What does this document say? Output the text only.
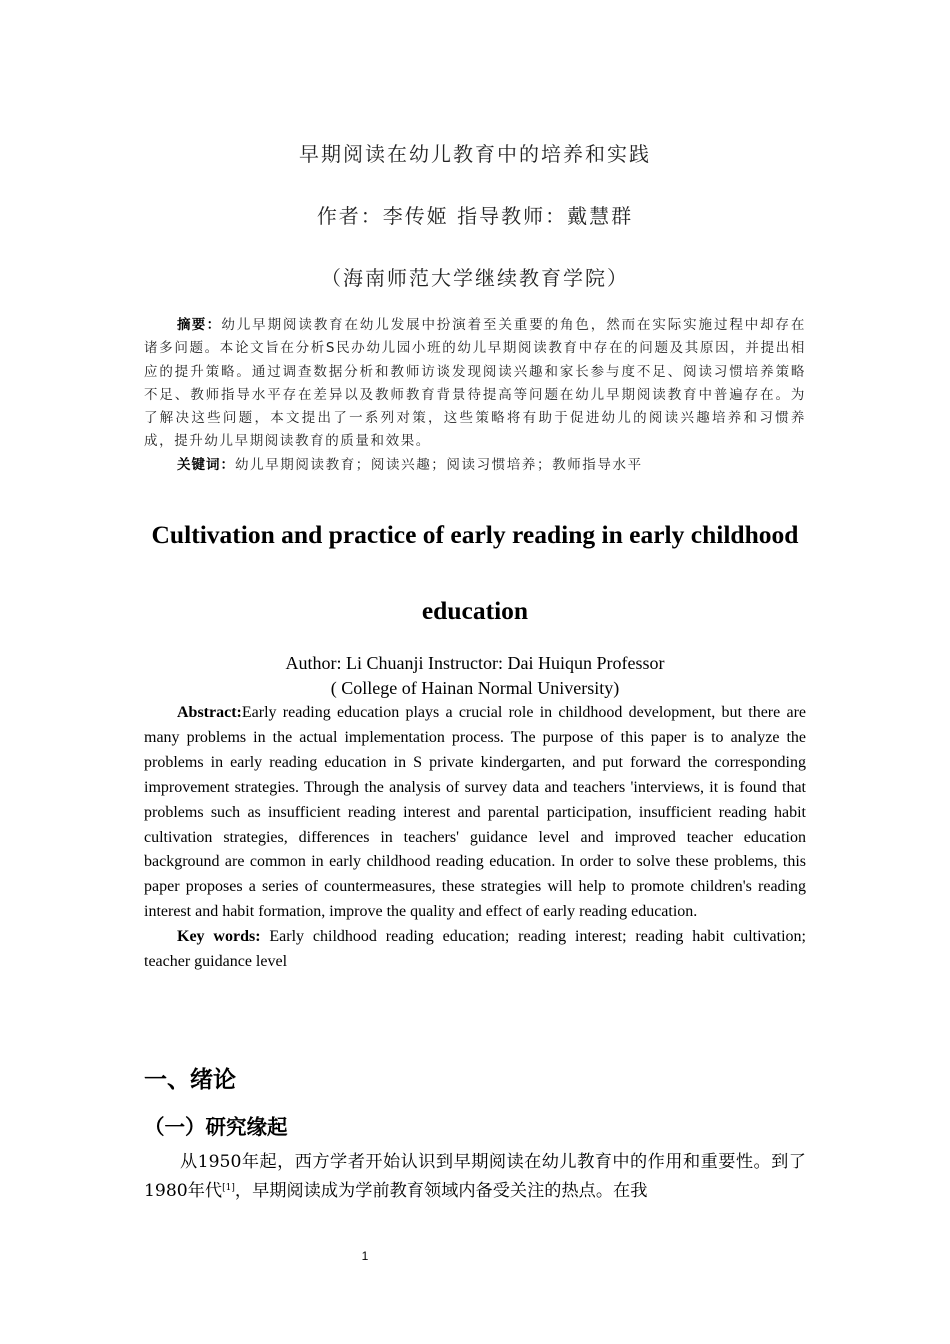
早期阅读在幼儿教育中的培养和实践
作者：李传姬 指导教师：戴慧群
（海南师范大学继续教育学院）

摘要：幼儿早期阅读教育在幼儿发展中扮演着至关重要的角色，然而在实际实施过程中却存在诸多问题。本论文旨在分析S民办幼儿园小班的幼儿早期阅读教育中存在的问题及其原因，并提出相应的提升策略。通过调查数据分析和教师访谈发现阅读兴趣和家长参与度不足、阅读习惯培养策略不足、教师指导水平存在差异以及教师教育背景待提高等问题在幼儿早期阅读教育中普遍存在。为了解决这些问题，本文提出了一系列对策，这些策略将有助于促进幼儿的阅读兴趣培养和习惯养成，提升幼儿早期阅读教育的质量和效果。

关键词：幼儿早期阅读教育；阅读兴趣；阅读习惯培养；教师指导水平

Cultivation and practice of early reading in early childhood
education
Author: Li Chuanji Instructor: Dai Huiqun Professor
( College of Hainan Normal University)

Abstract:Early reading education plays a crucial role in childhood development, but there are many problems in the actual implementation process. The purpose of this paper is to analyze the problems in early reading education in S private kindergarten, and put forward the corresponding improvement strategies. Through the analysis of survey data and teachers 'interviews, it is found that problems such as insufficient reading interest and parental participation, insufficient reading habit cultivation strategies, differences in teachers' guidance level and improved teacher education background are common in early childhood reading education. In order to solve these problems, this paper proposes a series of countermeasures, these strategies will help to promote children's reading interest and habit formation, improve the quality and effect of early reading education.

Key words: Early childhood reading education; reading interest; reading habit cultivation; teacher guidance level

一、绪论
（一）研究缘起

从1950年起，西方学者开始认识到早期阅读在幼儿教育中的作用和重要性。到了1980年代[1]，早期阅读成为学前教育领域内备受关注的热点。在我

1
